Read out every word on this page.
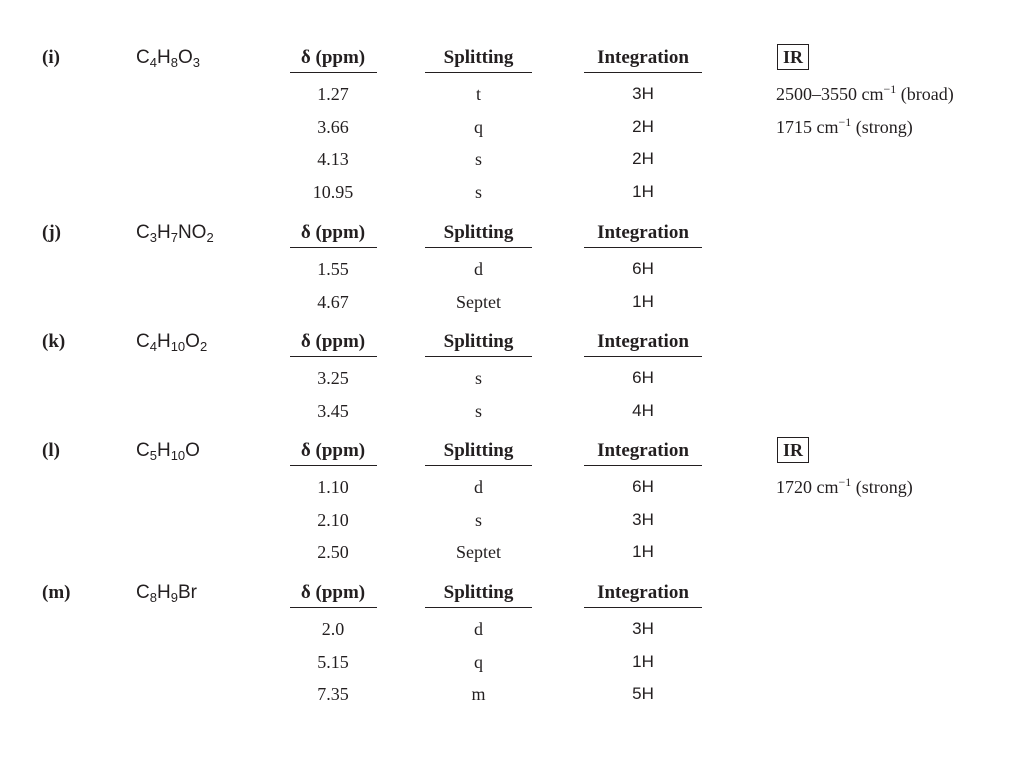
(i)	$C_4H_8O_3$	δ (ppm)	Splitting	Integration
1.27	t	3H
3.66	q	2H
4.13	s	2H
10.95	s	1H
IR
2500–3550 $cm^{-1}$ (broad)
1715 $cm^{-1}$ (strong)
(j)	$C_3H_7NO_2$	δ (ppm)	Splitting	Integration
1.55	d	6H
4.67	Septet	1H
(k)	$C_4H_{10}O_2$	δ (ppm)	Splitting	Integration
3.25	s	6H
3.45	s	4H
(l)	$C_5H_{10}O$	δ (ppm)	Splitting	Integration
1.10	d	6H
2.10	s	3H
2.50	Septet	1H
IR
1720 $cm^{-1}$ (strong)
(m)	$C_8H_9Br$	δ (ppm)	Splitting	Integration
2.0	d	3H
5.15	q	1H
7.35	m	5H
